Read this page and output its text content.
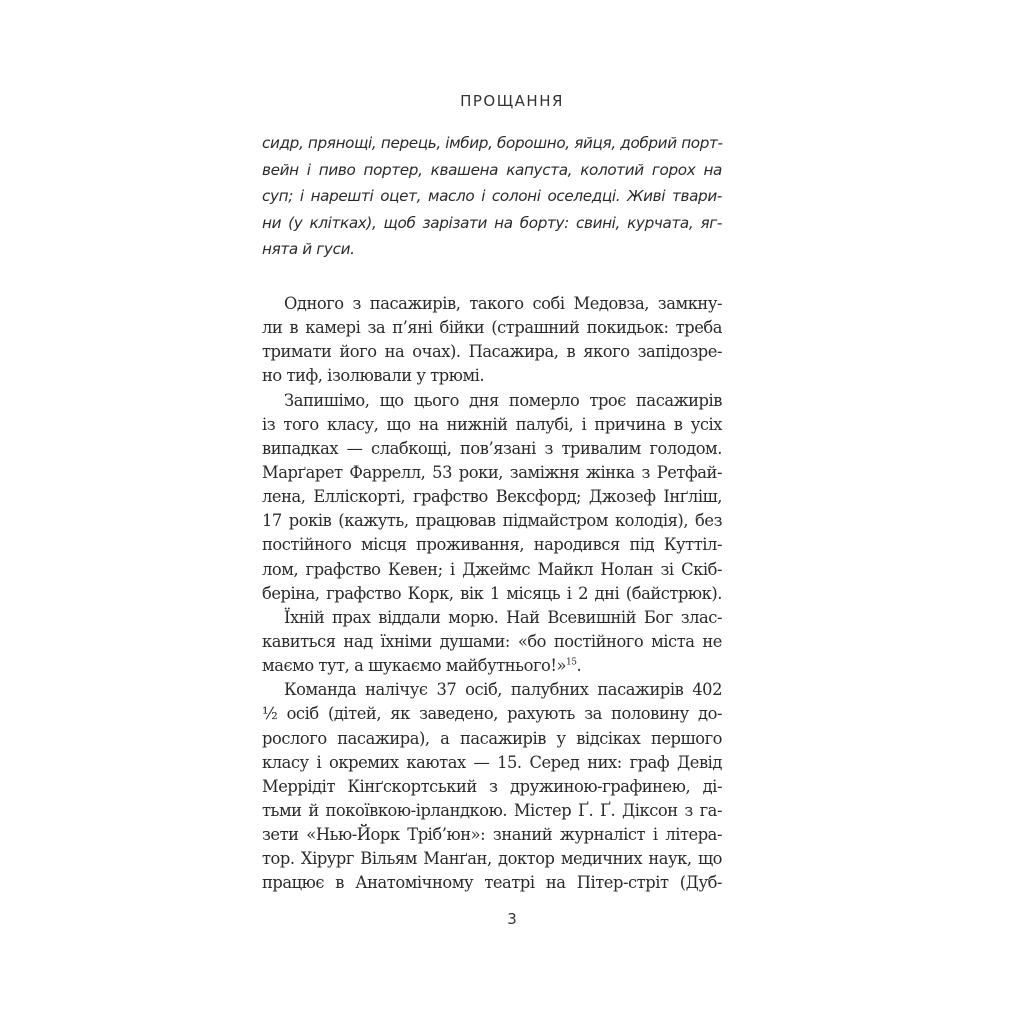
ПРОЩАННЯ
сидр, прянощі, перець, імбир, борошно, яйця, добрий порт-
вейн і пиво портер, квашена капуста, колотий горох на
суп; і нарешті оцет, масло і солоні оселедці. Живі твари-
ни (у клітках), щоб зарізати на борту: свині, курчата, яг-
нята й гуси.
Одного з пасажирів, такого собі Медовза, замкну-
ли в камері за п’яні бійки (страшний покидьок: треба
тримати його на очах). Пасажира, в якого запідозре-
но тиф, ізолювали у трюмі.
Запишімо, що цього дня померло троє пасажирів
із того класу, що на нижній палубі, і причина в усіх
випадках — слабкощі, пов’язані з тривалим голодом.
Марґарет Фаррелл, 53 роки, заміжня жінка з Ретфай-
лена, Еллiскорті, графство Вексфорд; Джозеф Інґліш,
17 років (кажуть, працював підмайстром колодія), без
постійного місця проживання, народився під Куттіл-
лом, графство Кевен; і Джеймс Майкл Нолан зі Скіб-
беріна, графство Корк, вік 1 місяць і 2 дні (байстрюк).
Їхній прах віддали морю. Най Всевишній Бог злас-
кавиться над їхніми душами: «бо постійного міста не
маємо тут, а шукаємо майбутнього!»$^{15}$.
Команда налічує 37 осіб, палубних пасажирів 402
½ осіб (дітей, як заведено, рахують за половину до-
рослого пасажира), а пасажирів у відсіках першого
класу і окремих каютах — 15. Серед них: граф Девід
Меррідіт Кінґскортський з дружиною-графинею, ді-
тьми й покоївкою-ірландкою. Містер Ґ. Ґ. Діксон з га-
зети «Нью-Йорк Тріб’юн»: знаний журналіст і літера-
тор. Хірург Вільям Манґан, доктор медичних наук, що
працює в Анатомічному театрі на Пітер-стріт (Дуб-
3
